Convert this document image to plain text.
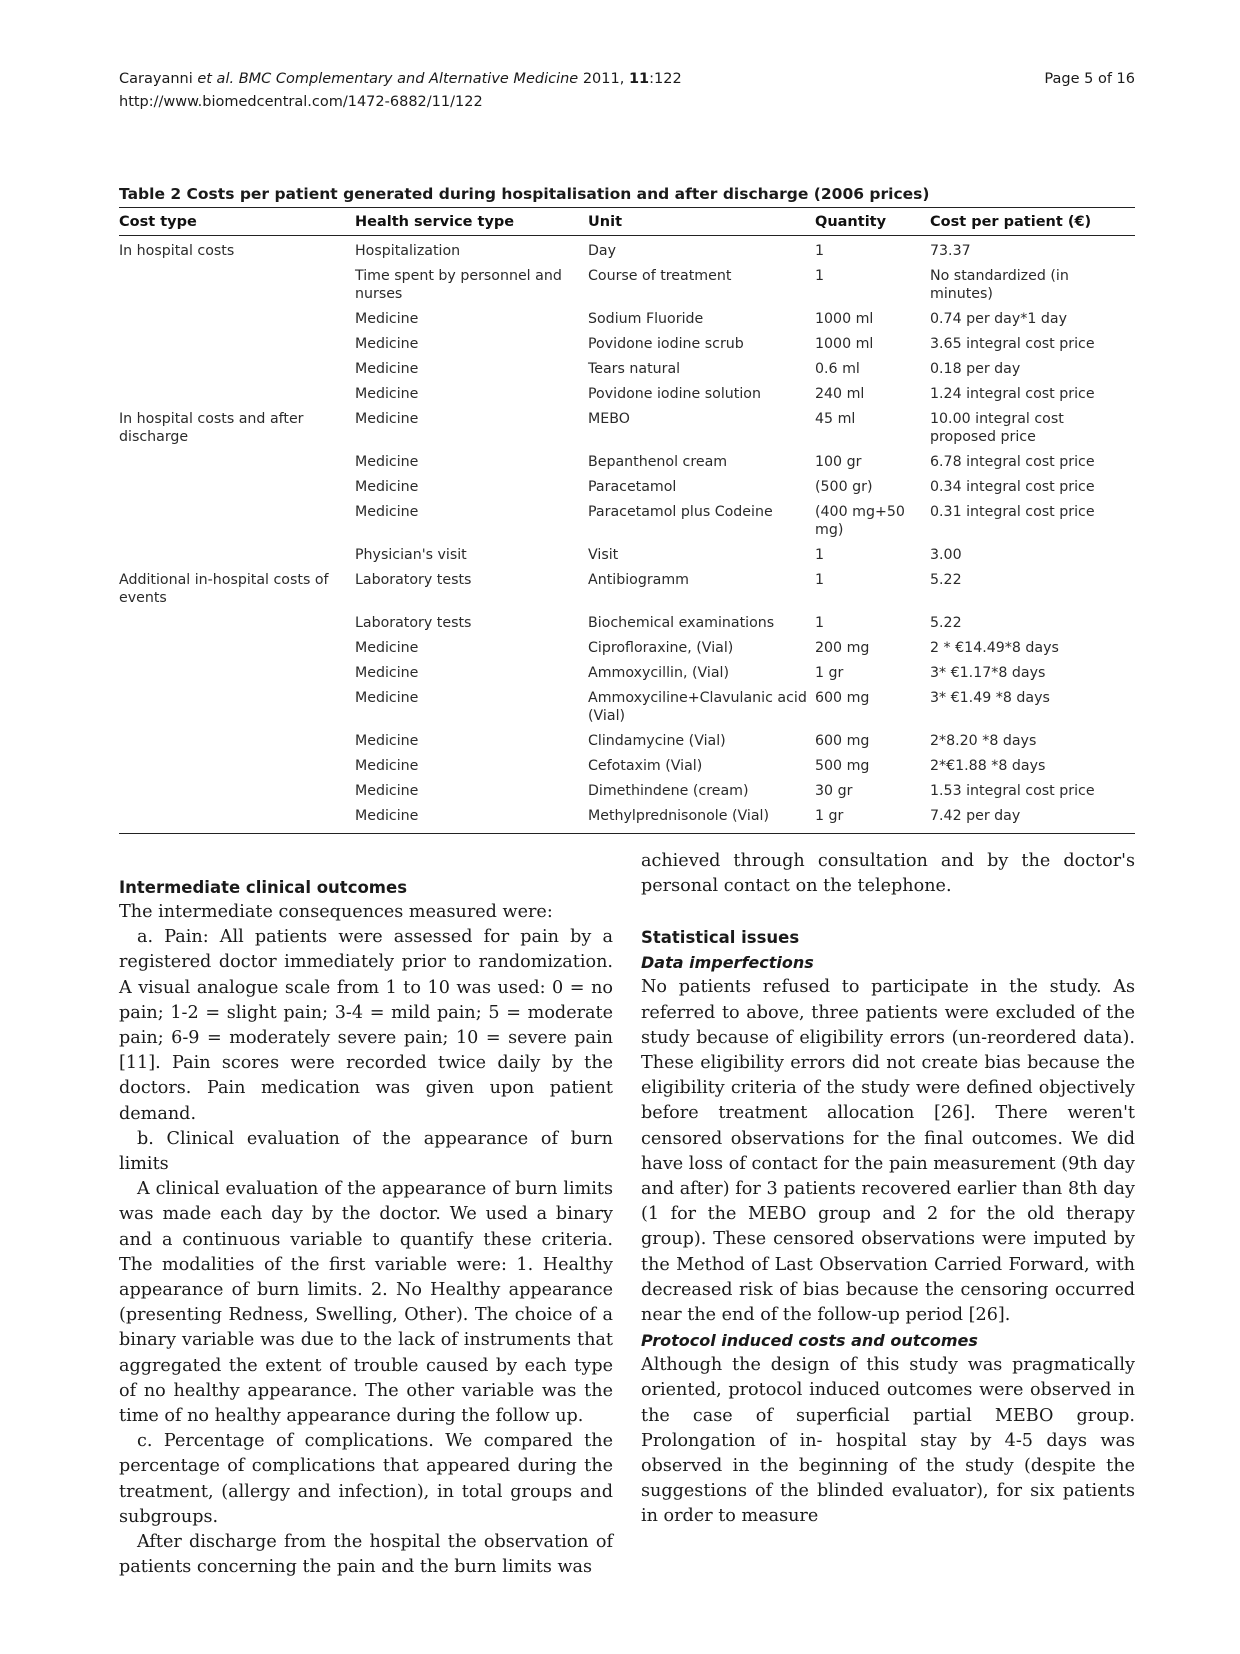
Carayanni et al. BMC Complementary and Alternative Medicine 2011, 11:122
http://www.biomedcentral.com/1472-6882/11/122
Page 5 of 16
Table 2 Costs per patient generated during hospitalisation and after discharge (2006 prices)
Cost type	Health service type	Unit	Quantity	Cost per patient (€)
In hospital costs	Hospitalization	Day	1	73.37
	Time spent by personnel and nurses	Course of treatment	1	No standardized (in minutes)
	Medicine	Sodium Fluoride	1000 ml	0.74 per day*1 day
	Medicine	Povidone iodine scrub	1000 ml	3.65 integral cost price
	Medicine	Tears natural	0.6 ml	0.18 per day
	Medicine	Povidone iodine solution	240 ml	1.24 integral cost price
In hospital costs and after discharge	Medicine	MEBO	45 ml	10.00 integral cost proposed price
	Medicine	Bepanthenol cream	100 gr	6.78 integral cost price
	Medicine	Paracetamol	(500 gr)	0.34 integral cost price
	Medicine	Paracetamol plus Codeine	(400 mg+50 mg)	0.31 integral cost price
	Physician's visit	Visit	1	3.00
Additional in-hospital costs of events	Laboratory tests	Antibiogramm	1	5.22
	Laboratory tests	Biochemical examinations	1	5.22
	Medicine	Ciprofloraxine, (Vial)	200 mg	2 * €14.49*8 days
	Medicine	Ammoxycillin, (Vial)	1 gr	3* €1.17*8 days
	Medicine	Ammoxyciline+Clavulanic acid (Vial)	600 mg	3* €1.49 *8 days
	Medicine	Clindamycine (Vial)	600 mg	2*8.20 *8 days
	Medicine	Cefotaxim (Vial)	500 mg	2*€1.88 *8 days
	Medicine	Dimethindene (cream)	30 gr	1.53 integral cost price
	Medicine	Methylprednisonole (Vial)	1 gr	7.42 per day
Intermediate clinical outcomes

The intermediate consequences measured were:

a. Pain: All patients were assessed for pain by a registered doctor immediately prior to randomization. A visual analogue scale from 1 to 10 was used: 0 = no pain; 1-2 = slight pain; 3-4 = mild pain; 5 = moderate pain; 6-9 = moderately severe pain; 10 = severe pain [11]. Pain scores were recorded twice daily by the doctors. Pain medication was given upon patient demand.

b. Clinical evaluation of the appearance of burn limits

A clinical evaluation of the appearance of burn limits was made each day by the doctor. We used a binary and a continuous variable to quantify these criteria. The modalities of the first variable were: 1. Healthy appearance of burn limits. 2. No Healthy appearance (presenting Redness, Swelling, Other). The choice of a binary variable was due to the lack of instruments that aggregated the extent of trouble caused by each type of no healthy appearance. The other variable was the time of no healthy appearance during the follow up.

c. Percentage of complications. We compared the percentage of complications that appeared during the treatment, (allergy and infection), in total groups and subgroups.

After discharge from the hospital the observation of patients concerning the pain and the burn limits was

achieved through consultation and by the doctor's personal contact on the telephone.

Statistical issues
Data imperfections

No patients refused to participate in the study. As referred to above, three patients were excluded of the study because of eligibility errors (un-reordered data). These eligibility errors did not create bias because the eligibility criteria of the study were defined objectively before treatment allocation [26]. There weren't censored observations for the final outcomes. We did have loss of contact for the pain measurement (9th day and after) for 3 patients recovered earlier than 8th day (1 for the MEBO group and 2 for the old therapy group). These censored observations were imputed by the Method of Last Observation Carried Forward, with decreased risk of bias because the censoring occurred near the end of the follow-up period [26].

Protocol induced costs and outcomes

Although the design of this study was pragmatically oriented, protocol induced outcomes were observed in the case of superficial partial MEBO group. Prolongation of in- hospital stay by 4-5 days was observed in the beginning of the study (despite the suggestions of the blinded evaluator), for six patients in order to measure
